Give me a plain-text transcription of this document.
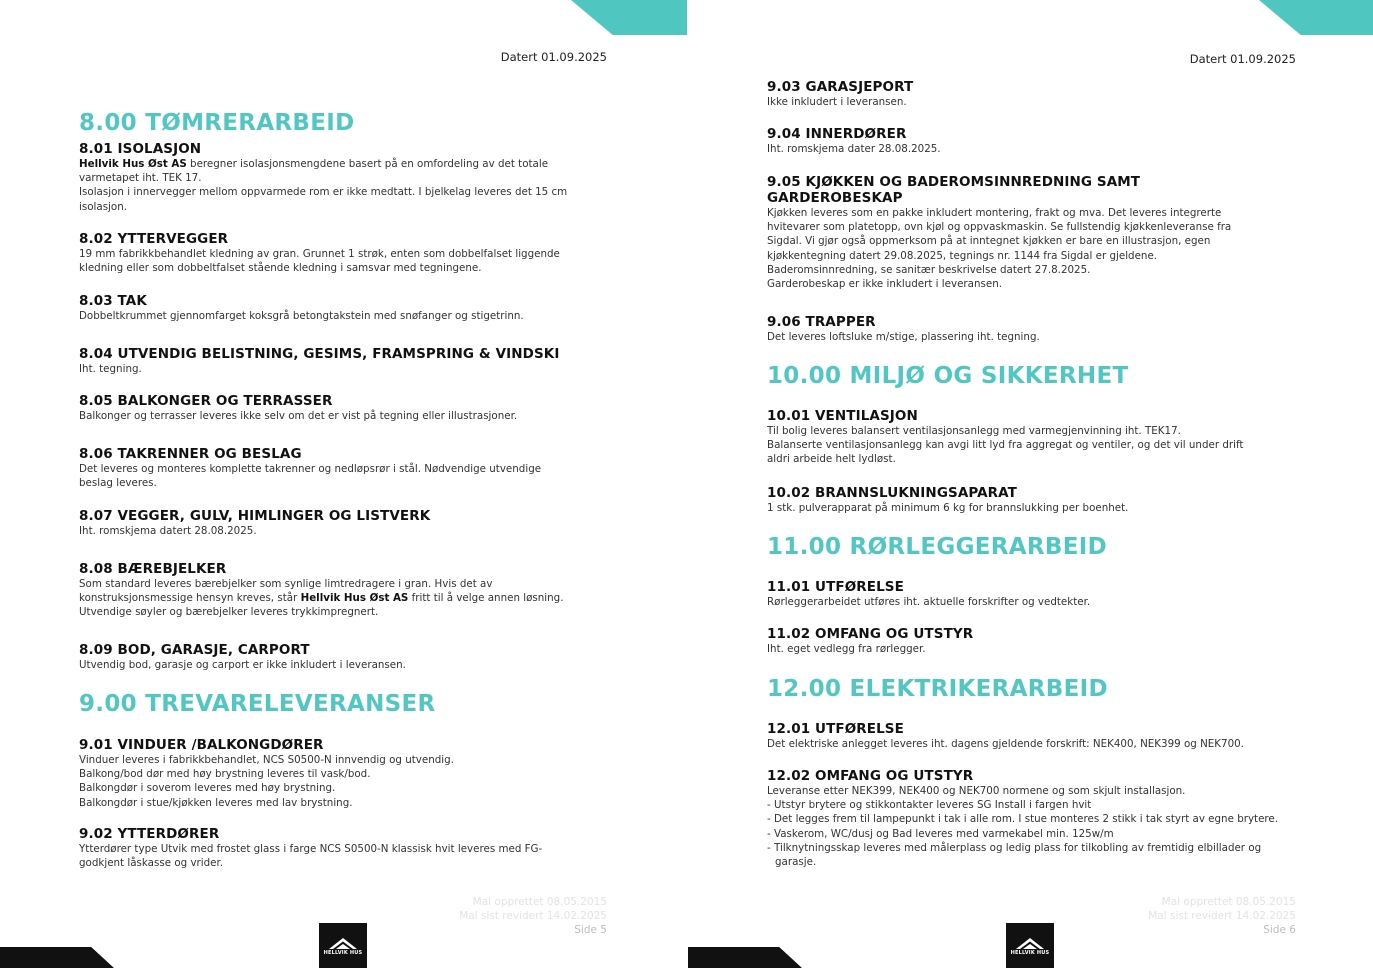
Datert 01.09.2025
8.00 TØMRERARBEID
8.01 ISOLASJON
Hellvik Hus Øst AS beregner isolasjonsmengdene basert på en omfordeling av det totale
varmetapet iht. TEK 17.
Isolasjon i innervegger mellom oppvarmede rom er ikke medtatt. I bjelkelag leveres det 15 cm
isolasjon.
8.02 YTTERVEGGER
19 mm fabrikkbehandlet kledning av gran. Grunnet 1 strøk, enten som dobbelfalset liggende
kledning eller som dobbeltfalset stående kledning i samsvar med tegningene.
8.03 TAK
Dobbeltkrummet gjennomfarget koksgrå betongtakstein med snøfanger og stigetrinn.
8.04 UTVENDIG BELISTNING, GESIMS, FRAMSPRING & VINDSKI
Iht. tegning.
8.05 BALKONGER OG TERRASSER
Balkonger og terrasser leveres ikke selv om det er vist på tegning eller illustrasjoner.
8.06 TAKRENNER OG BESLAG
Det leveres og monteres komplette takrenner og nedløpsrør i stål. Nødvendige utvendige
beslag leveres.
8.07 VEGGER, GULV, HIMLINGER OG LISTVERK
Iht. romskjema datert 28.08.2025.
8.08 BÆREBJELKER
Som standard leveres bærebjelker som synlige limtredragere i gran. Hvis det av
konstruksjonsmessige hensyn kreves, står Hellvik Hus Øst AS fritt til å velge annen løsning.
Utvendige søyler og bærebjelker leveres trykkimpregnert.
8.09 BOD, GARASJE, CARPORT
Utvendig bod, garasje og carport er ikke inkludert i leveransen.
9.00 TREVARELEVERANSER
9.01 VINDUER /BALKONGDØRER
Vinduer leveres i fabrikkbehandlet, NCS S0500-N innvendig og utvendig.
Balkong/bod dør med høy brystning leveres til vask/bod.
Balkongdør i soverom leveres med høy brystning.
Balkongdør i stue/kjøkken leveres med lav brystning.
9.02 YTTERDØRER
Ytterdører type Utvik med frostet glass i farge NCS S0500-N klassisk hvit leveres med FG-
godkjent låskasse og vrider.
Mal opprettet 08.05.2015
Mal sist revidert 14.02.2025
Side 5
HELLVIK HUS
Datert 01.09.2025
9.03 GARASJEPORT
Ikke inkludert i leveransen.
9.04 INNERDØRER
Iht. romskjema dater 28.08.2025.
9.05 KJØKKEN OG BADEROMSINNREDNING SAMT
GARDEROBESKAP
Kjøkken leveres som en pakke inkludert montering, frakt og mva. Det leveres integrerte
hvitevarer som platetopp, ovn kjøl og oppvaskmaskin. Se fullstendig kjøkkenleveranse fra
Sigdal. Vi gjør også oppmerksom på at inntegnet kjøkken er bare en illustrasjon, egen
kjøkkentegning datert 29.08.2025, tegnings nr. 1144 fra Sigdal er gjeldene.
Baderomsinnredning, se sanitær beskrivelse datert 27.8.2025.
Garderobeskap er ikke inkludert i leveransen.
9.06 TRAPPER
Det leveres loftsluke m/stige, plassering iht. tegning.
10.00 MILJØ OG SIKKERHET
10.01 VENTILASJON
Til bolig leveres balansert ventilasjonsanlegg med varmegjenvinning iht. TEK17.
Balanserte ventilasjonsanlegg kan avgi litt lyd fra aggregat og ventiler, og det vil under drift
aldri arbeide helt lydløst.
10.02 BRANNSLUKNINGSAPARAT
1 stk. pulverapparat på minimum 6 kg for brannslukking per boenhet.
11.00 RØRLEGGERARBEID
11.01 UTFØRELSE
Rørleggerarbeidet utføres iht. aktuelle forskrifter og vedtekter.
11.02 OMFANG OG UTSTYR
Iht. eget vedlegg fra rørlegger.
12.00 ELEKTRIKERARBEID
12.01 UTFØRELSE
Det elektriske anlegget leveres iht. dagens gjeldende forskrift: NEK400, NEK399 og NEK700.
12.02 OMFANG OG UTSTYR
Leveranse etter NEK399, NEK400 og NEK700 normene og som skjult installasjon.
- Utstyr brytere og stikkontakter leveres SG Install i fargen hvit
- Det legges frem til lampepunkt i tak i alle rom. I stue monteres 2 stikk i tak styrt av egne brytere.
- Vaskerom, WC/dusj og Bad leveres med varmekabel min. 125w/m
- Tilknytningsskap leveres med målerplass og ledig plass for tilkobling av fremtidig elbillader og garasje.
Mal opprettet 08.05.2015
Mal sist revidert 14.02.2025
Side 6
HELLVIK HUS
